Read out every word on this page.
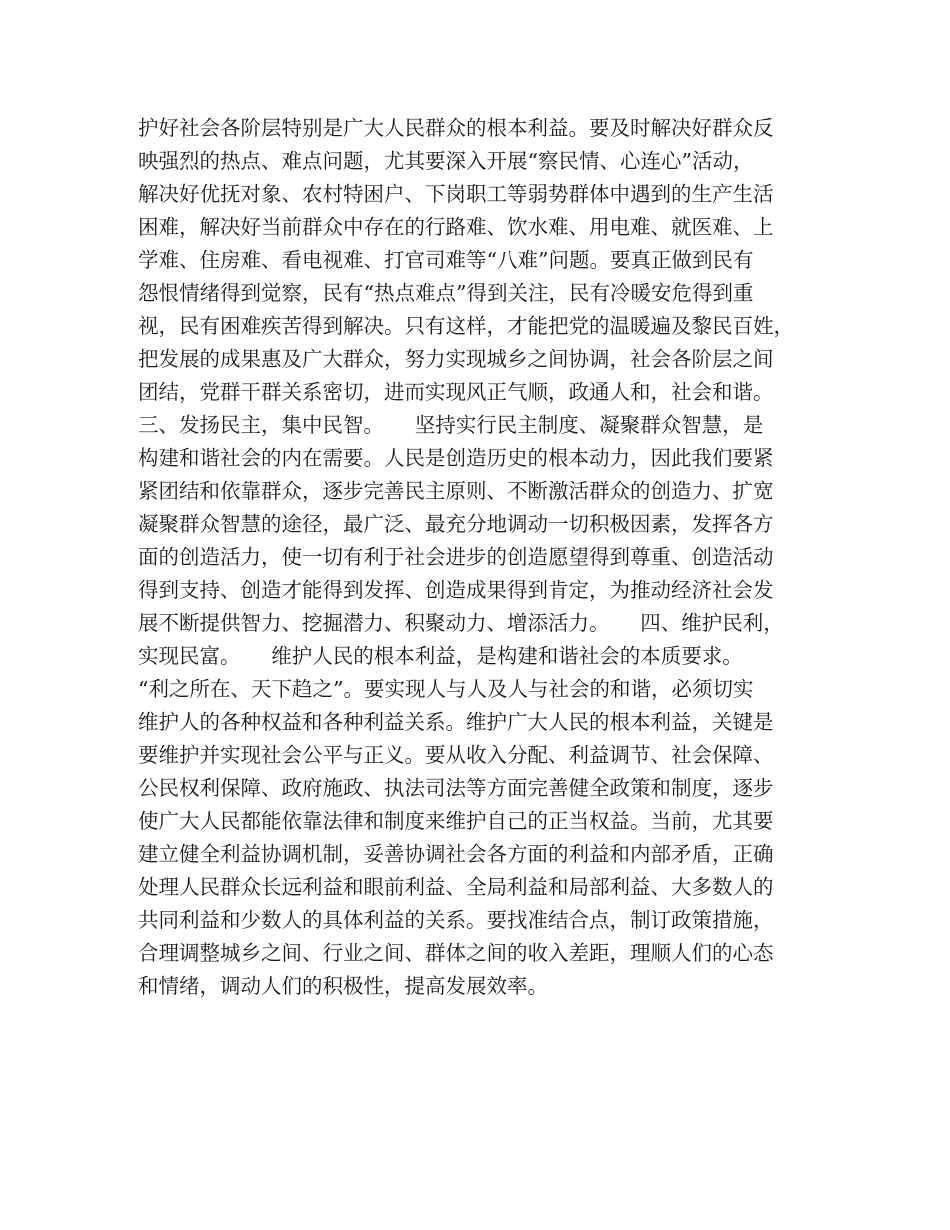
护好社会各阶层特别是广大人民群众的根本利益。要及时解决好群众反
映强烈的热点、难点问题，尤其要深入开展“察民情、心连心”活动，
解决好优抚对象、农村特困户、下岗职工等弱势群体中遇到的生产生活
困难，解决好当前群众中存在的行路难、饮水难、用电难、就医难、上
学难、住房难、看电视难、打官司难等“八难”问题。要真正做到民有
怨恨情绪得到觉察，民有“热点难点”得到关注，民有冷暖安危得到重
视，民有困难疾苦得到解决。只有这样，才能把党的温暖遍及黎民百姓，
把发展的成果惠及广大群众，努力实现城乡之间协调，社会各阶层之间
团结，党群干群关系密切，进而实现风正气顺，政通人和，社会和谐。
三、发扬民主，集中民智。　　坚持实行民主制度、凝聚群众智慧，是
构建和谐社会的内在需要。人民是创造历史的根本动力，因此我们要紧
紧团结和依靠群众，逐步完善民主原则、不断激活群众的创造力、扩宽
凝聚群众智慧的途径，最广泛、最充分地调动一切积极因素，发挥各方
面的创造活力，使一切有利于社会进步的创造愿望得到尊重、创造活动
得到支持、创造才能得到发挥、创造成果得到肯定，为推动经济社会发
展不断提供智力、挖掘潜力、积聚动力、增添活力。　　四、维护民利，
实现民富。　　维护人民的根本利益，是构建和谐社会的本质要求。
“利之所在、天下趋之”。要实现人与人及人与社会的和谐，必须切实
维护人的各种权益和各种利益关系。维护广大人民的根本利益，关键是
要维护并实现社会公平与正义。要从收入分配、利益调节、社会保障、
公民权利保障、政府施政、执法司法等方面完善健全政策和制度，逐步
使广大人民都能依靠法律和制度来维护自己的正当权益。当前，尤其要
建立健全利益协调机制，妥善协调社会各方面的利益和内部矛盾，正确
处理人民群众长远利益和眼前利益、全局利益和局部利益、大多数人的
共同利益和少数人的具体利益的关系。要找准结合点，制订政策措施，
合理调整城乡之间、行业之间、群体之间的收入差距，理顺人们的心态
和情绪，调动人们的积极性，提高发展效率。
